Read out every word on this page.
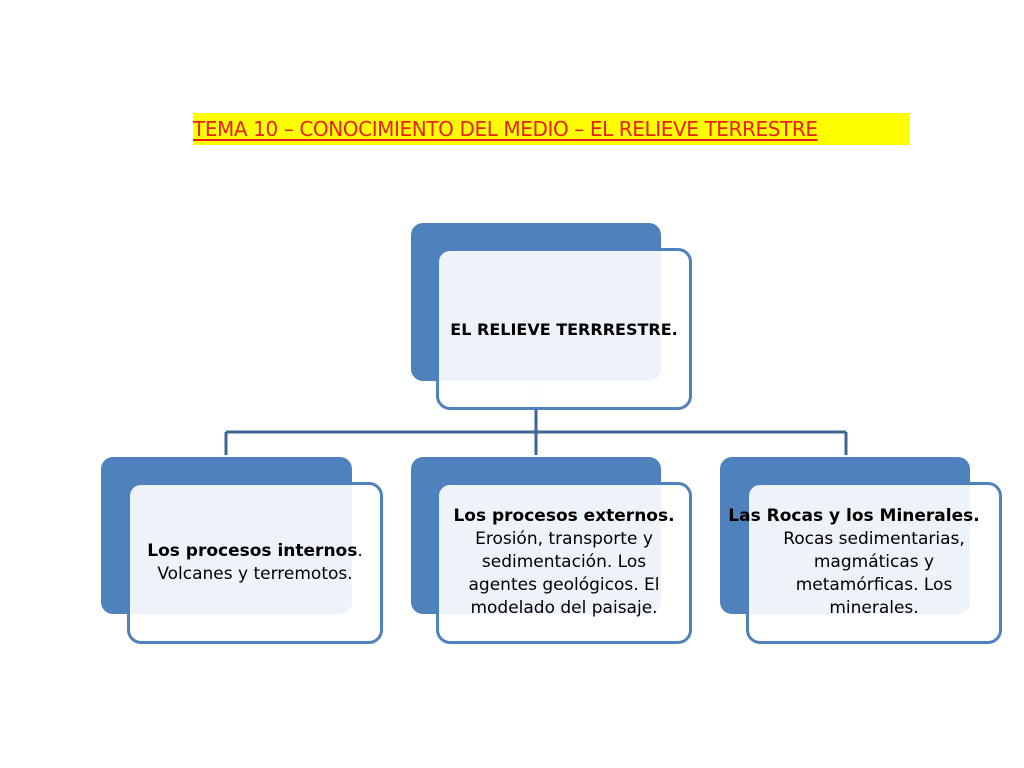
TEMA 10 – CONOCIMIENTO DEL MEDIO – EL RELIEVE TERRESTRE
EL RELIEVE TERRRESTRE.
Los procesos internos.
Volcanes y terremotos.
Los procesos externos.
Erosión, transporte y sedimentación. Los agentes geológicos. El modelado del paisaje.
Las Rocas y los Minerales.
Rocas sedimentarias, magmáticas y metamórficas. Los minerales.
